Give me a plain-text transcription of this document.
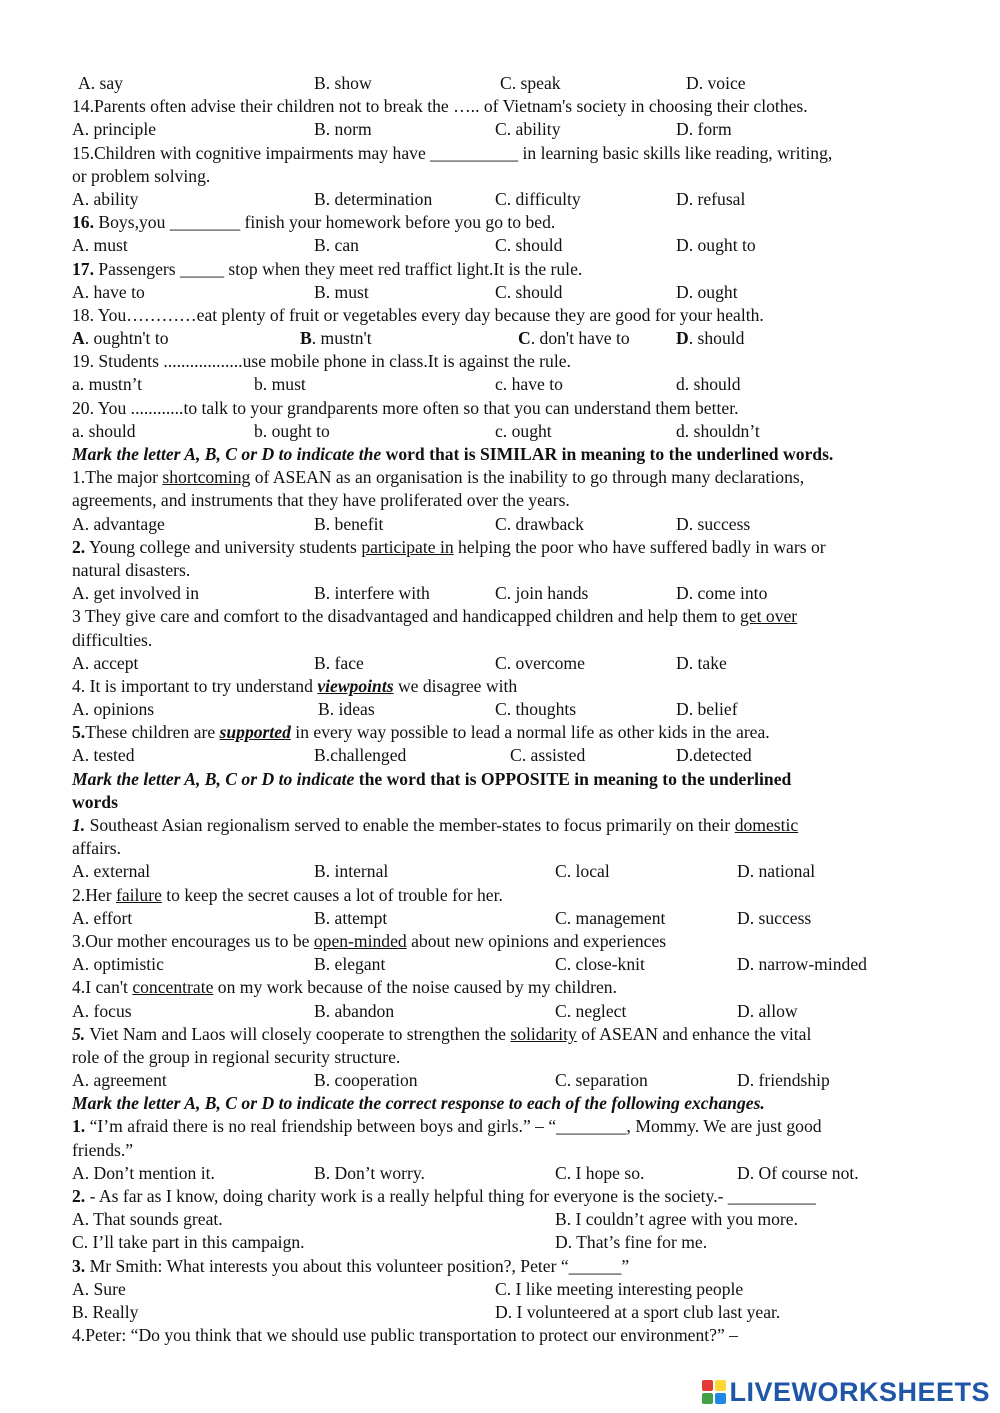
A. say	B. show	C. speak	D. voice
14.Parents often advise their children not to break the ….. of Vietnam's society in choosing their clothes.
A. principle	B. norm	C. ability	D. form
15.Children with cognitive impairments may have __________ in learning basic skills like reading, writing,
or problem solving.
A. ability	B. determination	C. difficulty	D. refusal
16. Boys,you ________ finish your homework before you go to bed.
A. must	B. can	C. should	D. ought to
17. Passengers _____ stop when they meet red traffict light.It is the rule.
A. have to	B. must	C. should	D. ought
18. You…………eat plenty of fruit or vegetables every day because they are good for your health.
A. oughtn't to	B. mustn't	C. don't have to	D. should
19. Students ..................use mobile phone in class.It is against the rule.
a. mustn’t	b. must	c. have to	d. should
20. You ............to talk to your grandparents more often so that you can understand them better.
a. should	b. ought to	c. ought	d. shouldn’t
Mark the letter A, B, C or D to indicate the word that is SIMILAR in meaning to the underlined words.
1.The major shortcoming of ASEAN as an organisation is the inability to go through many declarations,
agreements, and instruments that they have proliferated over the years.
A. advantage	B. benefit	C. drawback	D. success
2. Young college and university students participate in helping the poor who have suffered badly in wars or
natural disasters.
A. get involved in	B. interfere with	C. join hands	D. come into
3 They give care and comfort to the disadvantaged and handicapped children and help them to get over
difficulties.
A. accept	B. face	C. overcome	D. take
4. It is important to try understand viewpoints we disagree with
A. opinions	B. ideas	C. thoughts	D. belief
5.These children are supported in every way possible to lead a normal life as other kids in the area.
A. tested	B.challenged	C. assisted	D.detected
Mark the letter A, B, C or D to indicate the word that is OPPOSITE in meaning to the underlined
words
1. Southeast Asian regionalism served to enable the member-states to focus primarily on their domestic
affairs.
A. external	B. internal	C. local	D. national
2.Her failure to keep the secret causes a lot of trouble for her.
A. effort	B. attempt	C. management	D. success
3.Our mother encourages us to be open-minded about new opinions and experiences
A. optimistic	B. elegant	C. close-knit	D. narrow-minded
4.I can't concentrate on my work because of the noise caused by my children.
A. focus	B. abandon	C. neglect	D. allow
5. Viet Nam and Laos will closely cooperate to strengthen the solidarity of ASEAN and enhance the vital
role of the group in regional security structure.
A. agreement	B. cooperation	C. separation	D. friendship
Mark the letter A, B, C or D to indicate the correct response to each of the following exchanges.
1. “I’m afraid there is no real friendship between boys and girls.” – “________, Mommy. We are just good
friends.”
A. Don’t mention it.	B. Don’t worry.	C. I hope so.	D. Of course not.
2. - As far as I know, doing charity work is a really helpful thing for everyone is the society.- __________
A. That sounds great.	B. I couldn’t agree with you more.
C. I’ll take part in this campaign.	D. That’s fine for me.
3. Mr Smith: What interests you about this volunteer position?, Peter “______”
A. Sure	C. I like meeting interesting people
B. Really	D. I volunteered at a sport club last year.
4.Peter: “Do you think that we should use public transportation to protect our environment?” –
LIVEWORKSHEETS
